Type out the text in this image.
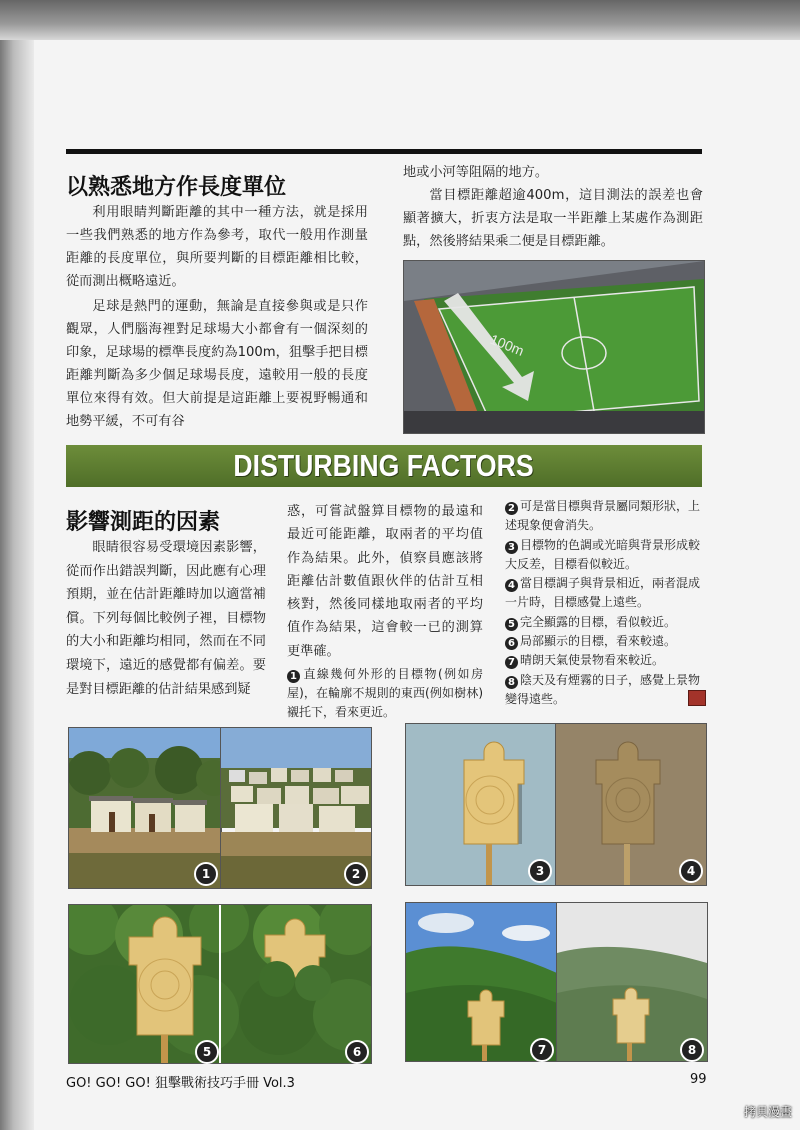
以熟悉地方作長度單位

利用眼睛判斷距離的其中一種方法，就是採用一些我們熟悉的地方作為參考，取代一般用作測量距離的長度單位，與所要判斷的目標距離相比較，從而測出概略遠近。

足球是熱門的運動，無論是直接參與或是只作觀眾，人們腦海裡對足球場大小都會有一個深刻的印象，足球場的標準長度約為100m，狙擊手把目標距離判斷為多少個足球場長度，遠較用一般的長度單位來得有效。但大前提是這距離上要視野暢通和地勢平緩，不可有谷

地或小河等阻隔的地方。

當目標距離超逾400m，這目測法的誤差也會顯著擴大，折衷方法是取一半距離上某處作為測距點，然後將結果乘二便是目標距離。

100m
DISTURBING FACTORS
影響測距的因素

眼睛很容易受環境因素影響，從而作出錯誤判斷，因此應有心理預期，並在估計距離時加以適當補償。下列每個比較例子裡，目標物的大小和距離均相同，然而在不同環境下，遠近的感覺都有偏差。要是對目標距離的估計結果感到疑

惑，可嘗試盤算目標物的最遠和最近可能距離，取兩者的平均值作為結果。此外，偵察員應該將距離估計數值跟伙伴的估計互相核對，然後同樣地取兩者的平均值作為結果，這會較一已的測算更準確。

1 直線幾何外形的目標物(例如房屋)，在輪廓不規則的東西(例如樹林)襯托下，看來更近。

2 可是當目標與背景屬同類形狀，上述現象便會消失。

3 目標物的色調或光暗與背景形成較大反差，目標看似較近。

4 當目標調子與背景相近，兩者混成一片時，目標感覺上遠些。

5 完全顯露的目標，看似較近。

6 局部顯示的目標，看來較遠。

7 晴朗天氣使景物看來較近。

8 陰天及有煙霧的日子，感覺上景物變得遠些。

1	2	3	4
5	6	7	8
GO! GO! GO! 狙擊戰術技巧手冊 Vol.3	99
拷貝漫畫
